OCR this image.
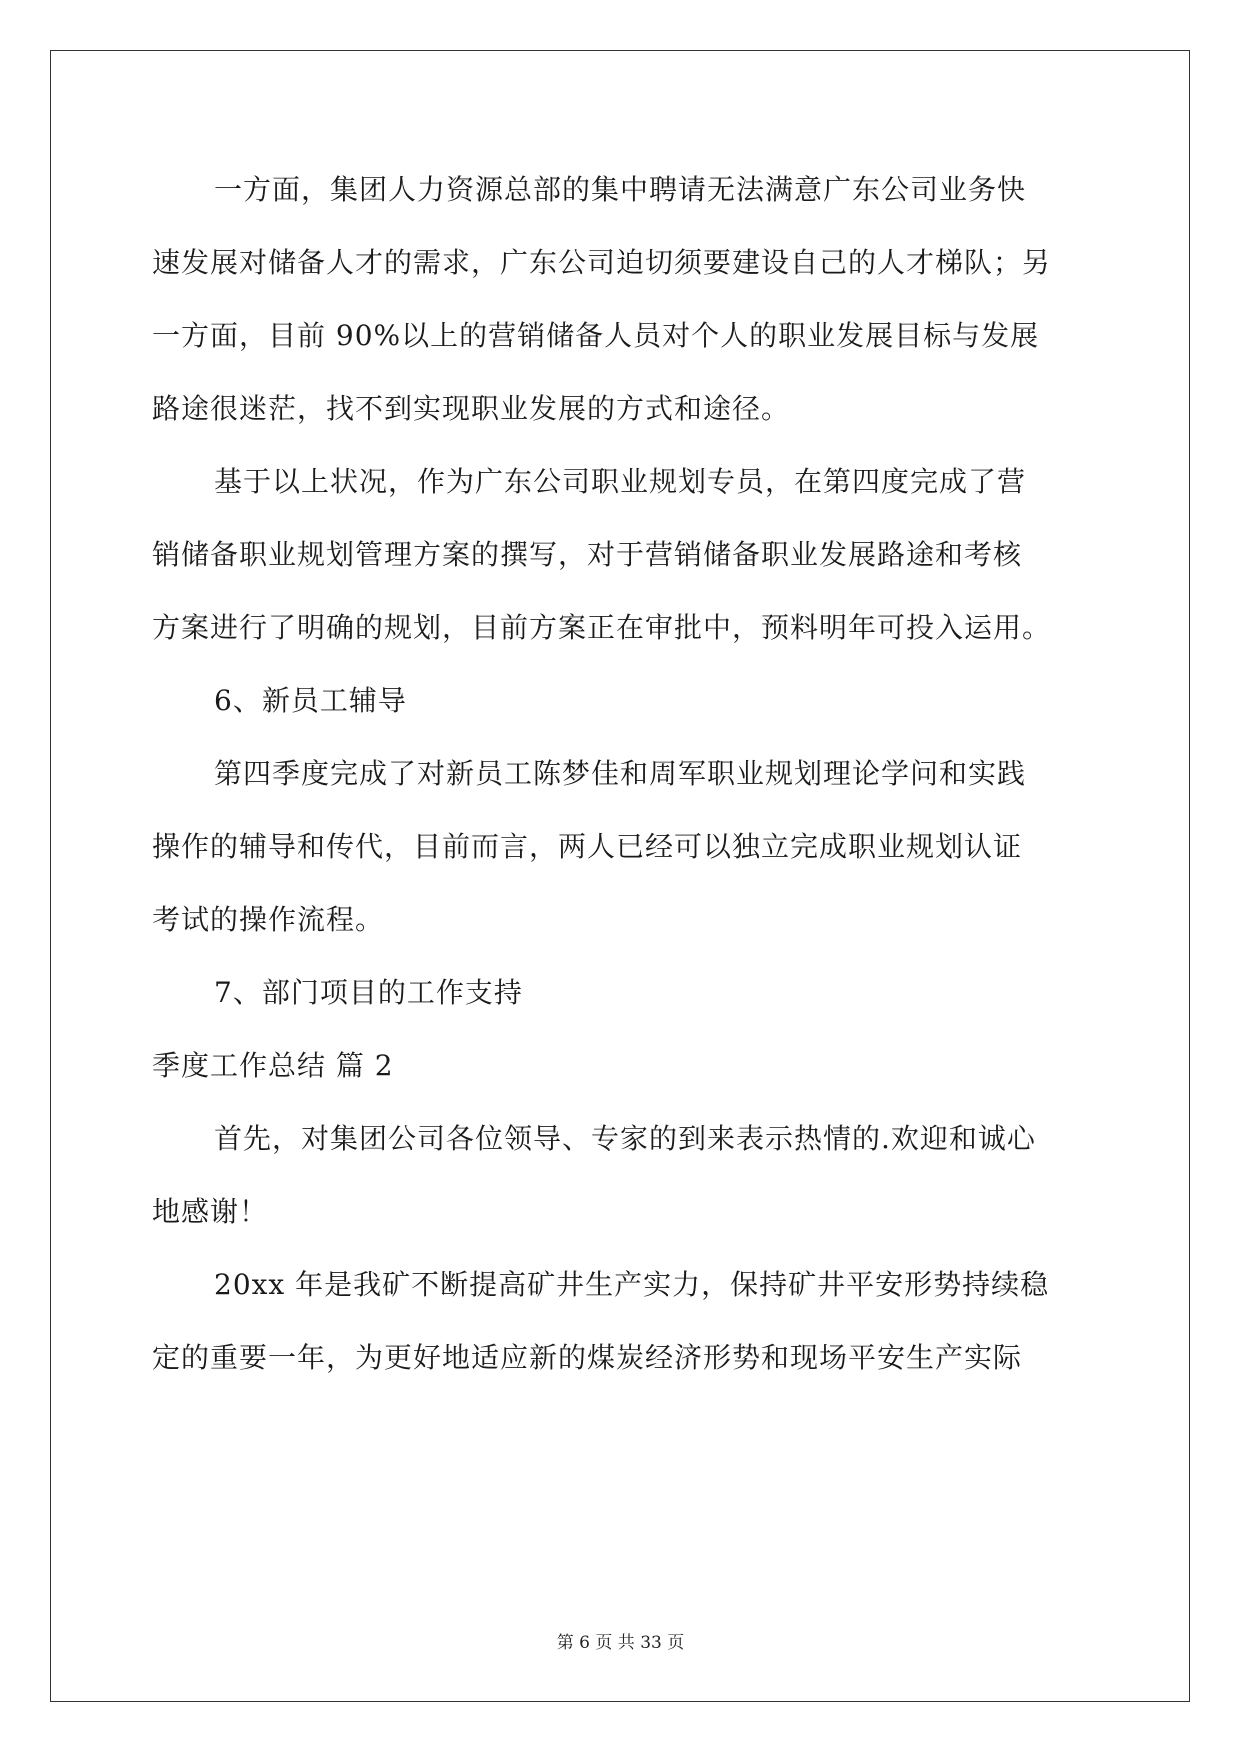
一方面，集团人力资源总部的集中聘请无法满意广东公司业务快
速发展对储备人才的需求，广东公司迫切须要建设自己的人才梯队；另
一方面，目前 90%以上的营销储备人员对个人的职业发展目标与发展
路途很迷茫，找不到实现职业发展的方式和途径。
基于以上状况，作为广东公司职业规划专员，在第四度完成了营
销储备职业规划管理方案的撰写，对于营销储备职业发展路途和考核
方案进行了明确的规划，目前方案正在审批中，预料明年可投入运用。
6、新员工辅导
第四季度完成了对新员工陈梦佳和周军职业规划理论学问和实践
操作的辅导和传代，目前而言，两人已经可以独立完成职业规划认证
考试的操作流程。
7、部门项目的工作支持
季度工作总结 篇 2
首先，对集团公司各位领导、专家的到来表示热情的.欢迎和诚心
地感谢！
20xx 年是我矿不断提高矿井生产实力，保持矿井平安形势持续稳
定的重要一年，为更好地适应新的煤炭经济形势和现场平安生产实际
第 6 页 共 33 页
